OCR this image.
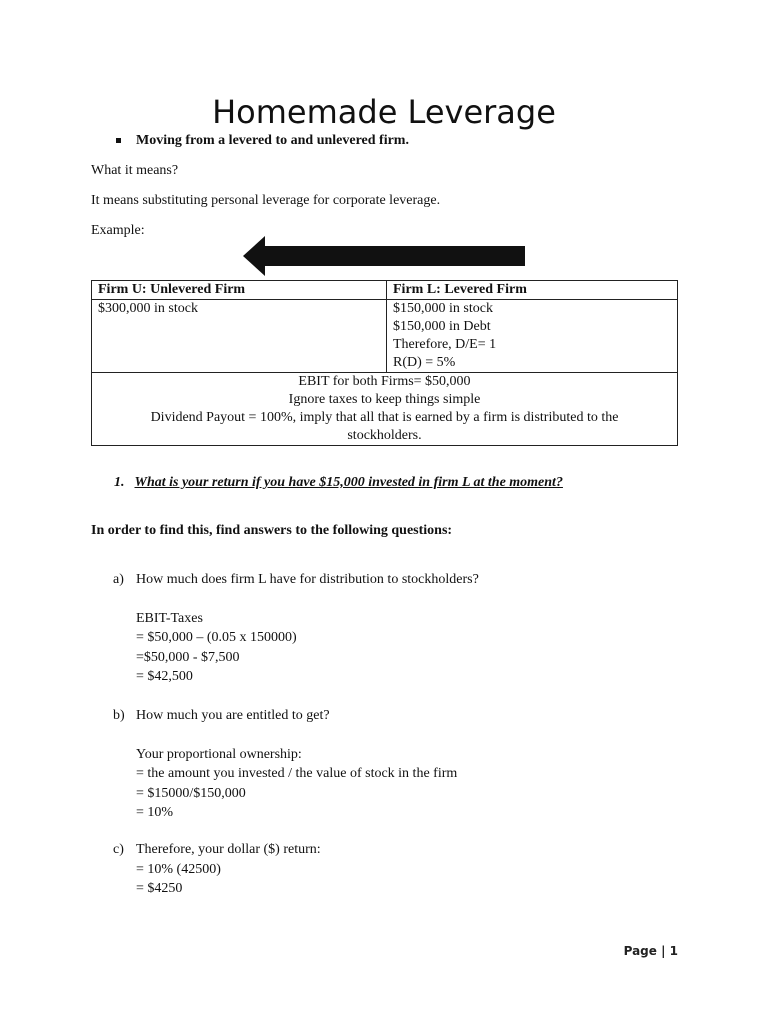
Homemade Leverage
Moving from a levered to and unlevered firm.
What it means?
It means substituting personal leverage for corporate leverage.
Example:
Firm U: Unlevered Firm	Firm L: Levered Firm

$300,000 in stock	$150,000 in stock
$150,000 in Debt
Therefore, D/E= 1
R(D) = 5%

EBIT for both Firms= $50,000
Ignore taxes to keep things simple
Dividend Payout = 100%, imply that all that is earned by a firm is distributed to the
stockholders.	
1. What is your return if you have $15,000 invested in firm L at the moment?
In order to find this, find answers to the following questions:
a) How much does firm L have for distribution to stockholders?
EBIT-Taxes
= $50,000 – (0.05 x 150000)
=$50,000 - $7,500
= $42,500
b) How much you are entitled to get?
Your proportional ownership:
= the amount you invested / the value of stock in the firm
= $15000/$150,000
= 10%
c) Therefore, your dollar ($) return:
= 10% (42500)
= $4250
Page | 1
